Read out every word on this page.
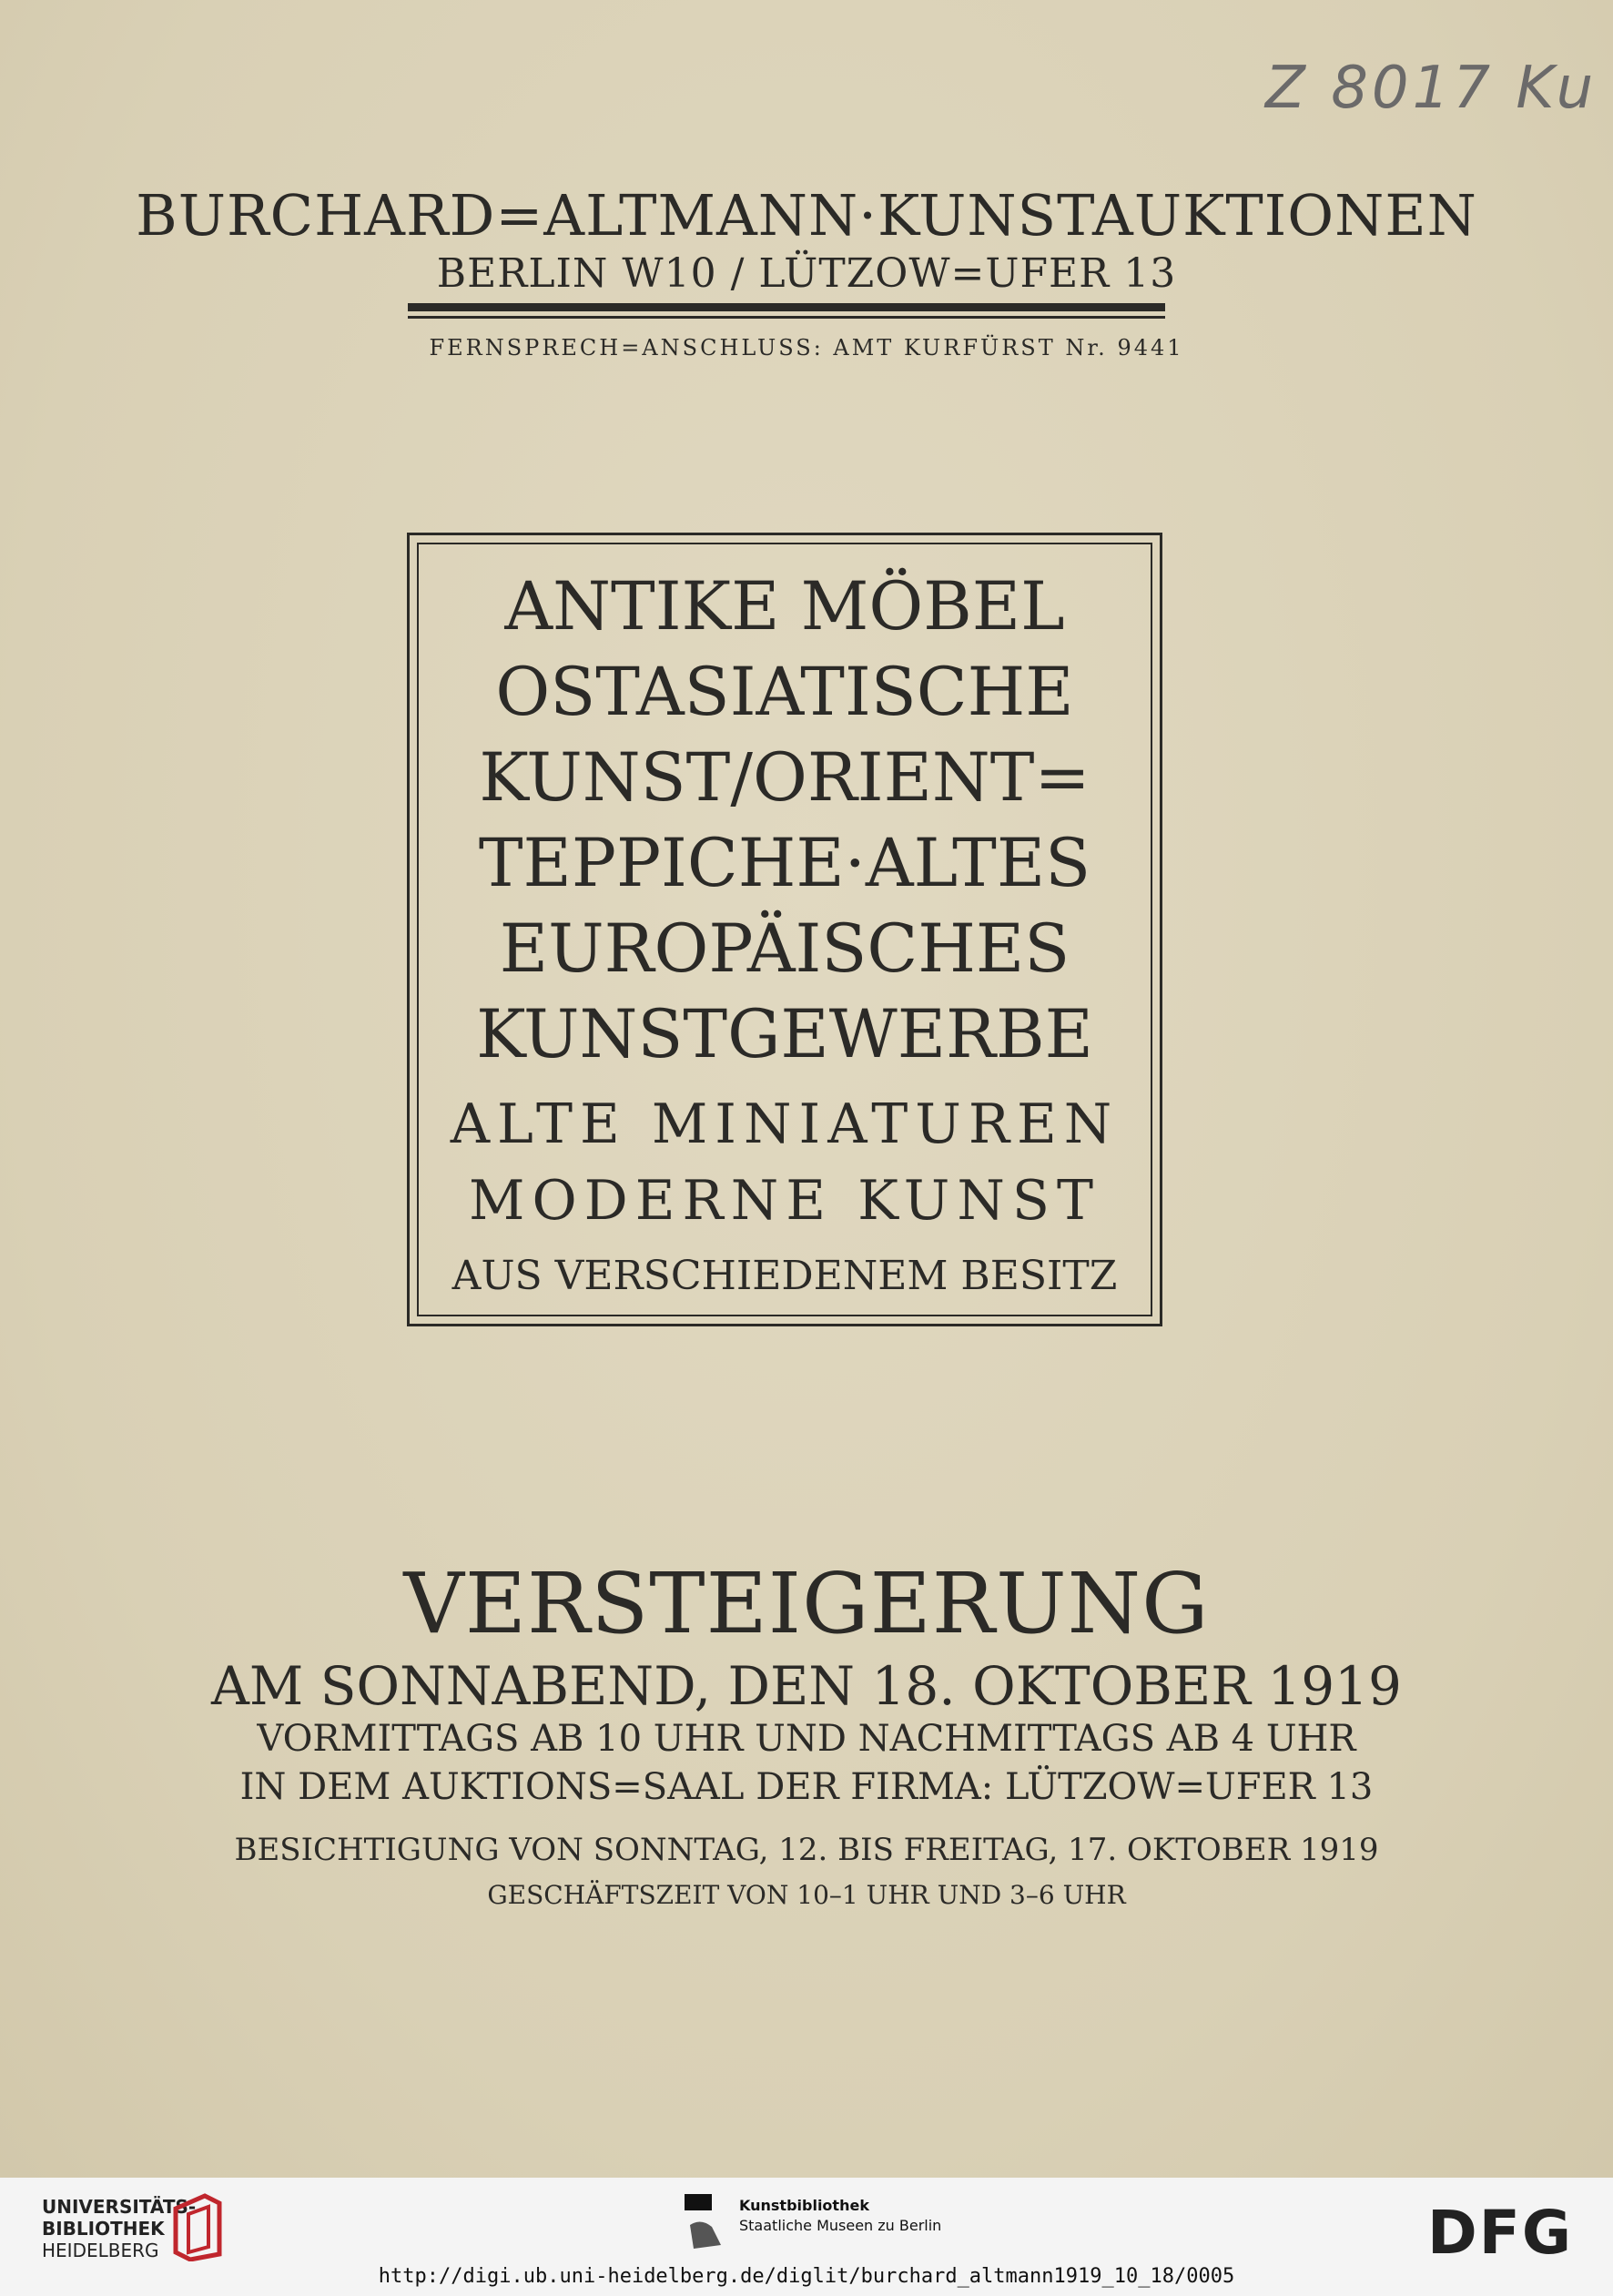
Z 8017 Ku
BURCHARD=ALTMANN·KUNSTAUKTIONEN
BERLIN W10 / LÜTZOW=UFER 13
FERNSPRECH=ANSCHLUSS: AMT KURFÜRST Nr. 9441
ANTIKE MÖBEL
OSTASIATISCHE
KUNST/ORIENT=
TEPPICHE·ALTES
EUROPÄISCHES
KUNSTGEWERBE
ALTE MINIATUREN
MODERNE KUNST
AUS VERSCHIEDENEM BESITZ
VERSTEIGERUNG
AM SONNABEND, DEN 18. OKTOBER 1919
VORMITTAGS AB 10 UHR UND NACHMITTAGS AB 4 UHR
IN DEM AUKTIONS=SAAL DER FIRMA: LÜTZOW=UFER 13
BESICHTIGUNG VON SONNTAG, 12. BIS FREITAG, 17. OKTOBER 1919
GESCHÄFTSZEIT VON 10–1 UHR UND 3–6 UHR
UNIVERSITÄTS-
BIBLIOTHEK
HEIDELBERG
Kunstbibliothek
Staatliche Museen zu Berlin	DFG
http://digi.ub.uni-heidelberg.de/diglit/burchard_altmann1919_10_18/0005
